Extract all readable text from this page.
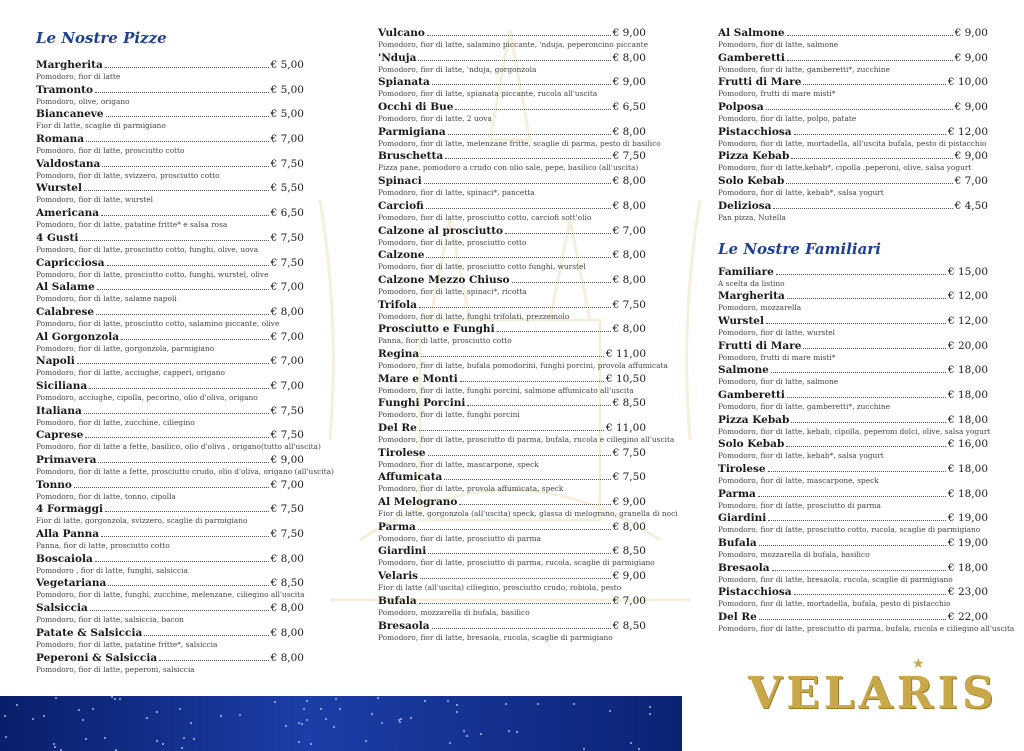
Le Nostre Pizze
Margherita	€ 5,00
Pomodoro, fior di latte
Tramonto	€ 5,00
Pomodoro, olive, origano
Biancaneve	€ 5,00
Fior di latte, scaglie di parmigiano
Romana	€ 7,00
Pomodoro, fior di latte, prosciutto cotto
Valdostana	€ 7,50
Pomodoro, fior di latte, svizzero, prosciutto cotto
Wurstel	€ 5,50
Pomodoro, fior di latte, wurstel
Americana	€ 6,50
Pomodoro, fior di latte, patatine fritte* e salsa rosa
4 Gusti	€ 7,50
Pomodoro, fior di latte, prosciutto cotto, funghi, olive, uova
Capricciosa	€ 7,50
Pomodoro, fior di latte, prosciutto cotto, funghi, wurstel, olive
Al Salame	€ 7,00
Pomodoro, fior di latte, salame napoli
Calabrese	€ 8,00
Pomodoro, fior di latte, prosciutto cotto, salamino piccante, olive
Al Gorgonzola	€ 7,00
Pomodoro, fior di latte, gorgonzola, parmigiano
Napoli	€ 7,00
Pomodoro, fior di latte, acciughe, capperi, origano
Siciliana	€ 7,00
Pomodoro, acciughe, cipolla, pecorino, olio d'oliva, origano
Italiana	€ 7,50
Pomodoro, fior di latte, zucchine, ciliegino
Caprese	€ 7,50
Pomodoro, fior di latte a fette, basilico, olio d'oliva , origano(tutto all'uscita)
Primavera	€ 9,00
Pomodoro, fior di latte a fette, prosciutto crudo, olio d'oliva, origano (all'uscita)
Tonno	€ 7,00
Pomodoro, fior di latte, tonno, cipolla
4 Formaggi	€ 7,50
Fior di latte, gorgonzola, svizzero, scaglie di parmigiano
Alla Panna	€ 7,50
Panna, fior di latte, prosciutto cotto
Boscaiola	€ 8,00
Pomodoro , fior di latte, funghi, salsiccia
Vegetariana	€ 8,50
Pomodoro, fior di latte, funghi, zucchine, melenzane, ciliegino all'uscita
Salsiccia	€ 8,00
Pomodoro, fior di latte, salsiccia, bacon
Patate & Salsiccia	€ 8,00
Pomodoro, fior di latte, patatine fritte*, salsiccia
Peperoni & Salsiccia	€ 8,00
Pomodoro, fior di latte, peperoni, salsiccia
Vulcano	€ 9,00
Pomodoro, fior di latte, salamino piccante, 'nduja, peperoncino piccante
'Nduja	€ 8,00
Pomodoro, fior di latte, 'nduja, gorgonzola
Spianata	€ 9,00
Pomodoro, fior di latte, spianata piccante, rucola all'uscita
Occhi di Bue	€ 6,50
Pomodoro, fior di latte, 2 uova
Parmigiana	€ 8,00
Pomodoro, fior di latte, melenzane fritte, scaglie di parma, pesto di basilico
Bruschetta	€ 7,50
Pizza pane, pomodoro a crudo con olio sale, pepe, basilico (all'uscita)
Spinaci	€ 8,00
Pomodoro, fior di latte, spinaci*, pancetta
Carciofi	€ 8,00
Pomodoro, fior di latte, prosciutto cotto, carciofi sott'olio
Calzone al prosciutto	€ 7,00
Pomodoro, fior di latte, prosciutto cotto
Calzone	€ 8,00
Pomodoro, fior di latte, prosciutto cotto funghi, wurstel
Calzone Mezzo Chiuso	€ 8,00
Pomodoro, fior di latte, spinaci*, ricotta
Trifola	€ 7,50
Pomodoro, fior di latte, funghi trifolati, prezzemolo
Prosciutto e Funghi	€ 8,00
Panna, fior di latte, prosciutto cotto
Regina	€ 11,00
Pomodoro, fior di latte, bufala pomodorini, funghi porcini, provola affumicata
Mare e Monti	€ 10,50
Pomodoro, fior di latte, funghi porcini, salmone affumicato all'uscita
Funghi Porcini	€ 8,50
Pomodoro, fior di latte, funghi porcini
Del Re	€ 11,00
Pomodoro, fior di latte, prosciutto di parma, bufala, rucola e ciliegino all'uscita
Tirolese	€ 7,50
Pomodoro, fior di latte, mascarpone, speck
Affumicata	€ 7,50
Pomodoro, fior di latte, provola affumicata, speck
Al Melograno	€ 9,00
Fior di latte, gorgonzola (all'uscita) speck, glassa di melograno, granella di noci
Parma	€ 8,00
Pomodoro, fior di latte, prosciutto di parma
Giardini	€ 8,50
Pomodoro, fior di latte, prosciutto di parma, rucola, scaglie di parmigiano
Velaris	€ 9,00
Fior di latte (all'uscita) ciliegino, prosciutto crudo, robiola, pesto
Bufala	€ 7,00
Pomodoro, mozzarella di bufala, basilico
Bresaola	€ 8,50
Pomodoro, fior di latte, bresaola, rucola, scaglie di parmigiano
Al Salmone	€ 9,00
Pomodoro, fior di latte, salmone
Gamberetti	€ 9,00
Pomodoro, fior di latte, gamberetti*, zucchine
Frutti di Mare	€ 10,00
Pomodoro, frutti di mare misti*
Polposa	€ 9,00
Pomodoro, fior di latte, polpo, patate
Pistacchiosa	€ 12,00
Pomodoro, fior di latte, mortadella, all'uscita bufala, pesto di pistacchio
Pizza Kebab	€ 9,00
Pomodoro, fior di latte,kebab*, cipolla ,peperoni, olive, salsa yogurt
Solo Kebab	€ 7,00
Pomodoro, fior di latte, kebab*, salsa yogurt
Deliziosa	€ 4,50
Pan pizza, Nutella
Le Nostre Familiari
Familiare	€ 15,00
A scelta da listino
Margherita	€ 12,00
Pomodoro, mozzarella
Wurstel	€ 12,00
Pomodoro, fior di latte, wurstel
Frutti di Mare	€ 20,00
Pomodoro, frutti di mare misti*
Salmone	€ 18,00
Pomodoro, fior di latte, salmone
Gamberetti	€ 18,00
Pomodoro, fior di latte, gamberetti*, zucchine
Pizza Kebab	€ 18,00
Pomodoro, fior di latte, kebab, cipolla, peperoni dolci, olive, salsa yogurt
Solo Kebab	€ 16,00
Pomodoro, fior di latte, kebab*, salsa yogurt
Tirolese	€ 18,00
Pomodoro, fior di latte, mascarpone, speck
Parma	€ 18,00
Pomodoro, fior di latte, prosciutto di parma
Giardini	€ 19,00
Pomodoro, fior di latte, prosciutto cotto, rucola, scaglie di parmigiano
Bufala	€ 19,00
Pomodoro, mozzarella di bufala, basilico
Bresaola	€ 18,00
Pomodoro, fior di latte, bresaola, rucola, scaglie di parmigiano
Pistacchiosa	€ 23,00
Pomodoro, fior di latte, mortadella, bufala, pesto di pistacchio
Del Re	€ 22,00
Pomodoro, fior di latte, prosciutto di parma, bufala, rucola e ciliegino all'uscita
VELARIS
★
